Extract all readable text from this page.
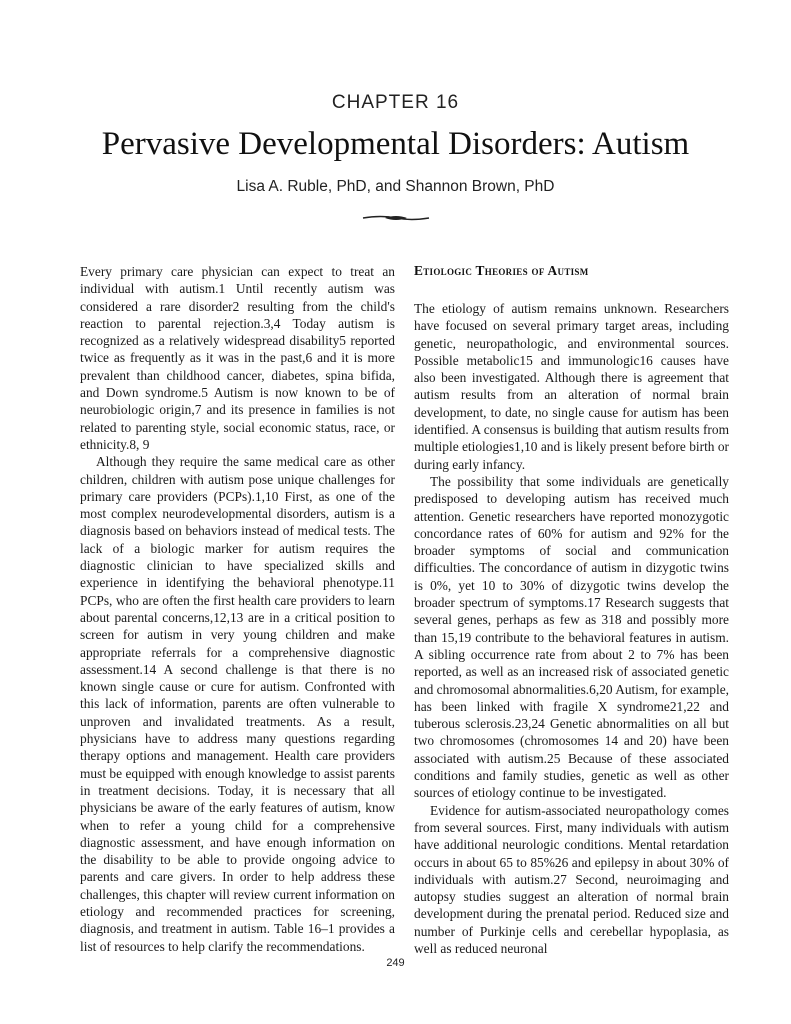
CHAPTER 16
Pervasive Developmental Disorders: Autism
Lisa A. Ruble, PhD, and Shannon Brown, PhD

Every primary care physician can expect to treat an individual with autism.1 Until recently autism was considered a rare disorder2 resulting from the child's reaction to parental rejection.3,4 Today autism is recognized as a relatively widespread disability5 reported twice as frequently as it was in the past,6 and it is more prevalent than childhood cancer, diabetes, spina bifida, and Down syndrome.5 Autism is now known to be of neurobiologic origin,7 and its presence in families is not related to parenting style, social economic status, race, or ethnicity.8, 9

Although they require the same medical care as other children, children with autism pose unique challenges for primary care providers (PCPs).1,10 First, as one of the most complex neurodevelopmental disorders, autism is a diagnosis based on behaviors instead of medical tests. The lack of a biologic marker for autism requires the diagnostic clinician to have specialized skills and experience in identifying the behavioral phenotype.11 PCPs, who are often the first health care providers to learn about parental concerns,12,13 are in a critical position to screen for autism in very young children and make appropriate referrals for a comprehensive diagnostic assessment.14 A second challenge is that there is no known single cause or cure for autism. Confronted with this lack of information, parents are often vulnerable to unproven and invalidated treatments. As a result, physicians have to address many questions regarding therapy options and management. Health care providers must be equipped with enough knowledge to assist parents in treatment decisions. Today, it is necessary that all physicians be aware of the early features of autism, know when to refer a young child for a comprehensive diagnostic assessment, and have enough information on the disability to be able to provide ongoing advice to parents and care givers. In order to help address these challenges, this chapter will review current information on etiology and recommended practices for screening, diagnosis, and treatment in autism. Table 16–1 provides a list of resources to help clarify the recommendations.

Etiologic Theories of Autism

The etiology of autism remains unknown. Researchers have focused on several primary target areas, including genetic, neuropathologic, and environmental sources. Possible metabolic15 and immunologic16 causes have also been investigated. Although there is agreement that autism results from an alteration of normal brain development, to date, no single cause for autism has been identified. A consensus is building that autism results from multiple etiologies1,10 and is likely present before birth or during early infancy.

The possibility that some individuals are genetically predisposed to developing autism has received much attention. Genetic researchers have reported monozygotic concordance rates of 60% for autism and 92% for the broader symptoms of social and communication difficulties. The concordance of autism in dizygotic twins is 0%, yet 10 to 30% of dizygotic twins develop the broader spectrum of symptoms.17 Research suggests that several genes, perhaps as few as 318 and possibly more than 15,19 contribute to the behavioral features in autism. A sibling occurrence rate from about 2 to 7% has been reported, as well as an increased risk of associated genetic and chromosomal abnormalities.6,20 Autism, for example, has been linked with fragile X syndrome21,22 and tuberous sclerosis.23,24 Genetic abnormalities on all but two chromosomes (chromosomes 14 and 20) have been associated with autism.25 Because of these associated conditions and family studies, genetic as well as other sources of etiology continue to be investigated.

Evidence for autism-associated neuropathology comes from several sources. First, many individuals with autism have additional neurologic conditions. Mental retardation occurs in about 65 to 85%26 and epilepsy in about 30% of individuals with autism.27 Second, neuroimaging and autopsy studies suggest an alteration of normal brain development during the prenatal period. Reduced size and number of Purkinje cells and cerebellar hypoplasia, as well as reduced neuronal

249
